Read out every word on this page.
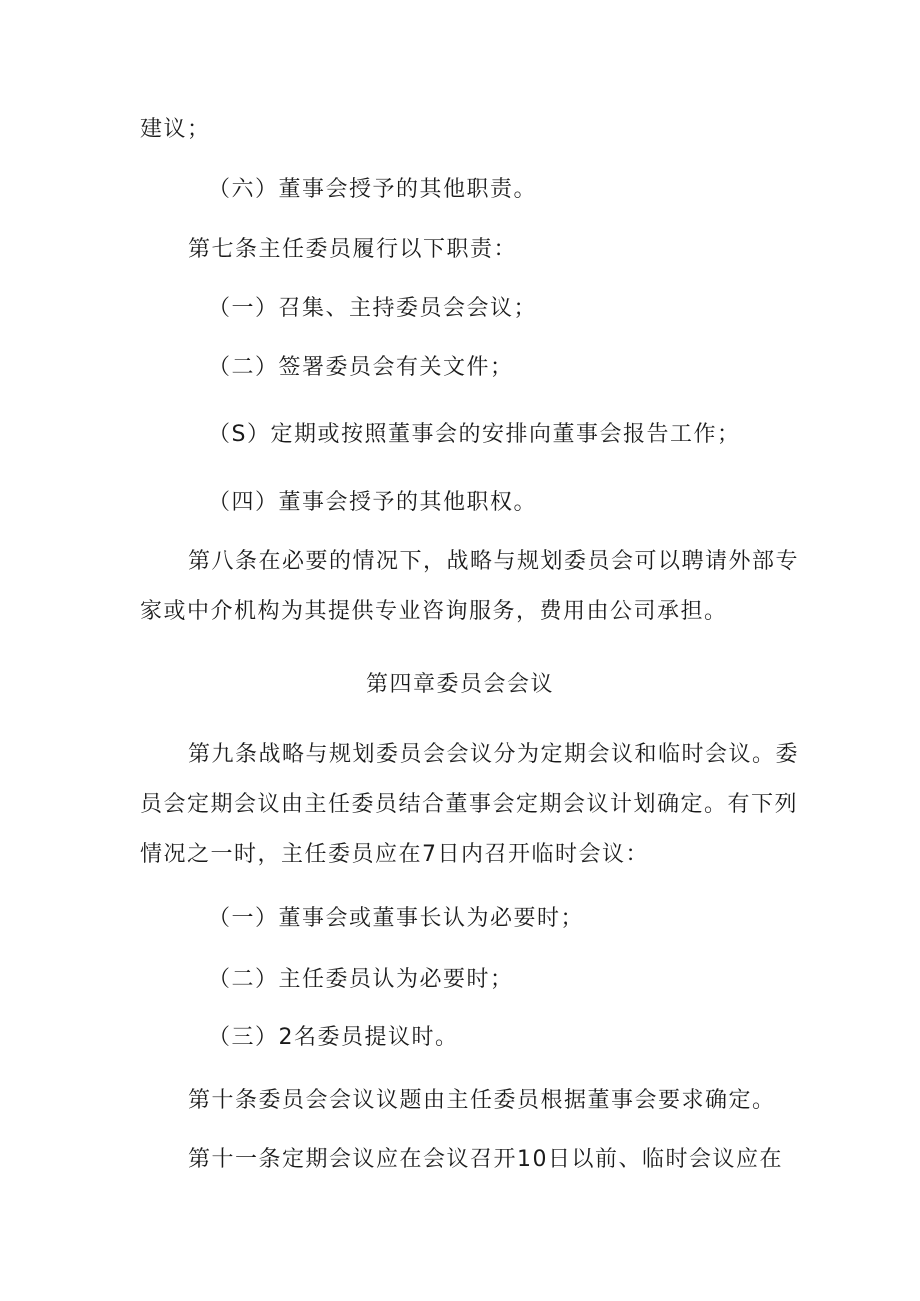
建议；
（六）董事会授予的其他职责。
第七条主任委员履行以下职责：
（一）召集、主持委员会会议；
（二）签署委员会有关文件；
（S）定期或按照董事会的安排向董事会报告工作；
（四）董事会授予的其他职权。
第八条在必要的情况下，战略与规划委员会可以聘请外部专
家或中介机构为其提供专业咨询服务，费用由公司承担。
第四章委员会会议
第九条战略与规划委员会会议分为定期会议和临时会议。委
员会定期会议由主任委员结合董事会定期会议计划确定。有下列
情况之一时，主任委员应在7日内召开临时会议：
（一）董事会或董事长认为必要时；
（二）主任委员认为必要时；
（三）2名委员提议时。
第十条委员会会议议题由主任委员根据董事会要求确定。
第十一条定期会议应在会议召开10日以前、临时会议应在
